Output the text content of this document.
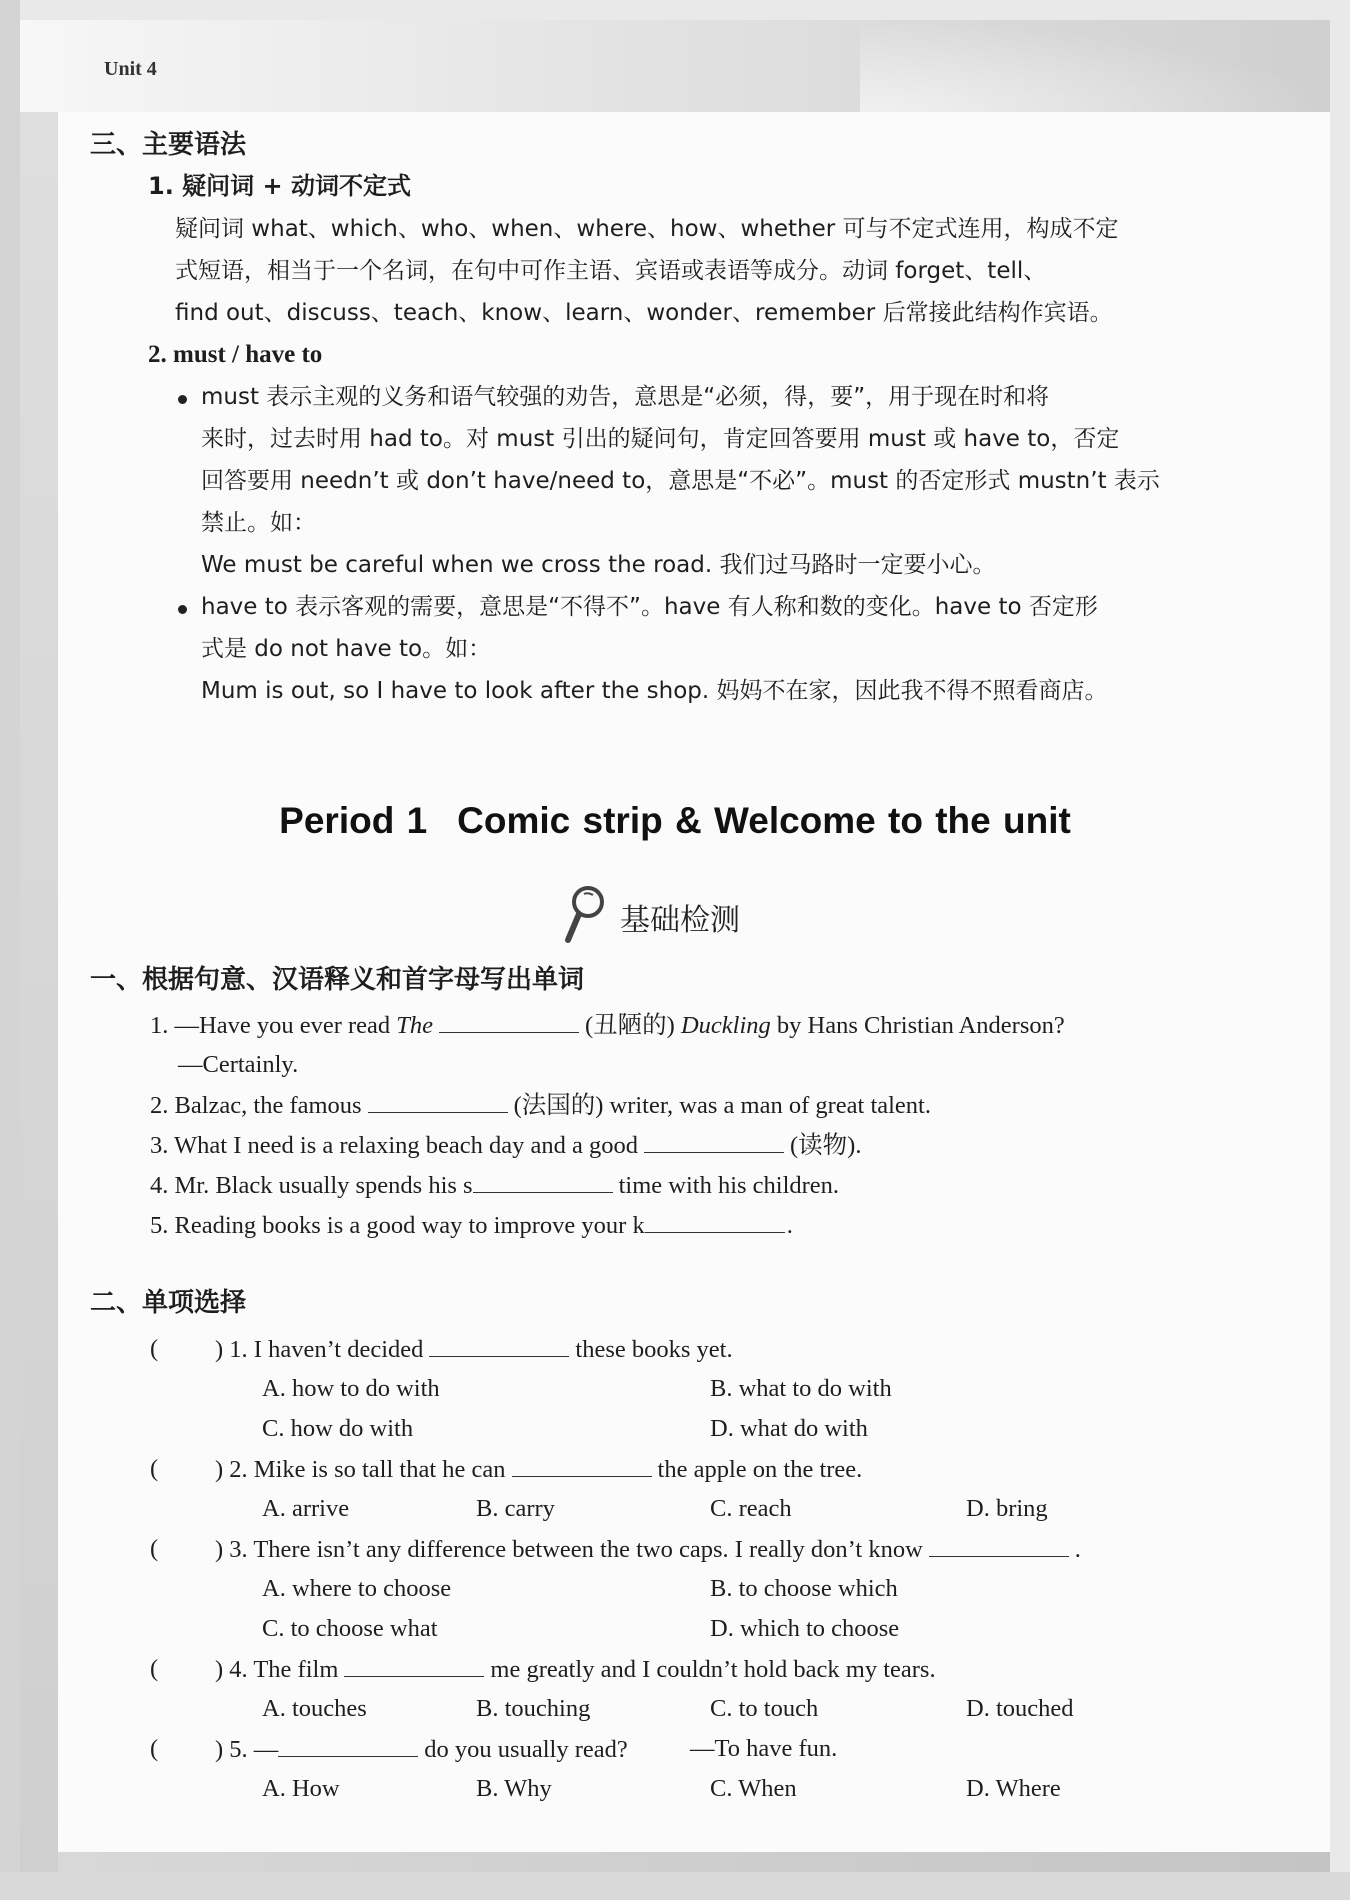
Unit 4
三、主要语法
1. 疑问词 + 动词不定式
疑问词 what、which、who、when、where、how、whether 可与不定式连用，构成不定
式短语，相当于一个名词，在句中可作主语、宾语或表语等成分。动词 forget、tell、
find out、discuss、teach、know、learn、wonder、remember 后常接此结构作宾语。
2. must / have to
must 表示主观的义务和语气较强的劝告，意思是“必须，得，要”，用于现在时和将
来时，过去时用 had to。对 must 引出的疑问句，肯定回答要用 must 或 have to，否定
回答要用 needn’t 或 don’t have/need to，意思是“不必”。must 的否定形式 mustn’t 表示
禁止。如：
We must be careful when we cross the road. 我们过马路时一定要小心。
have to 表示客观的需要，意思是“不得不”。have 有人称和数的变化。have to 否定形
式是 do not have to。如：
Mum is out, so I have to look after the shop. 妈妈不在家，因此我不得不照看商店。
Period 1 Comic strip & Welcome to the unit
基础检测
一、根据句意、汉语释义和首字母写出单词
1. —Have you ever read The	(丑陋的) Duckling by Hans Christian Anderson?
—Certainly.
2. Balzac, the famous	(法国的) writer, was a man of great talent.
3. What I need is a relaxing beach day and a good	(读物).
4. Mr. Black usually spends his s	time with his children.
5. Reading books is a good way to improve your k	.
二、单项选择
( ) 1. I haven’t decided	these books yet.
A. how to do with	B. what to do with
C. how do with	D. what do with
( ) 2. Mike is so tall that he can	the apple on the tree.
A. arrive	B. carry	C. reach	D. bring
( ) 3. There isn’t any difference between the two caps. I really don’t know	.
A. where to choose	B. to choose which
C. to choose what	D. which to choose
( ) 4. The film	me greatly and I couldn’t hold back my tears.
A. touches	B. touching	C. to touch	D. touched
( ) 5. —	do you usually read?	—To have fun.
A. How	B. Why	C. When	D. Where
